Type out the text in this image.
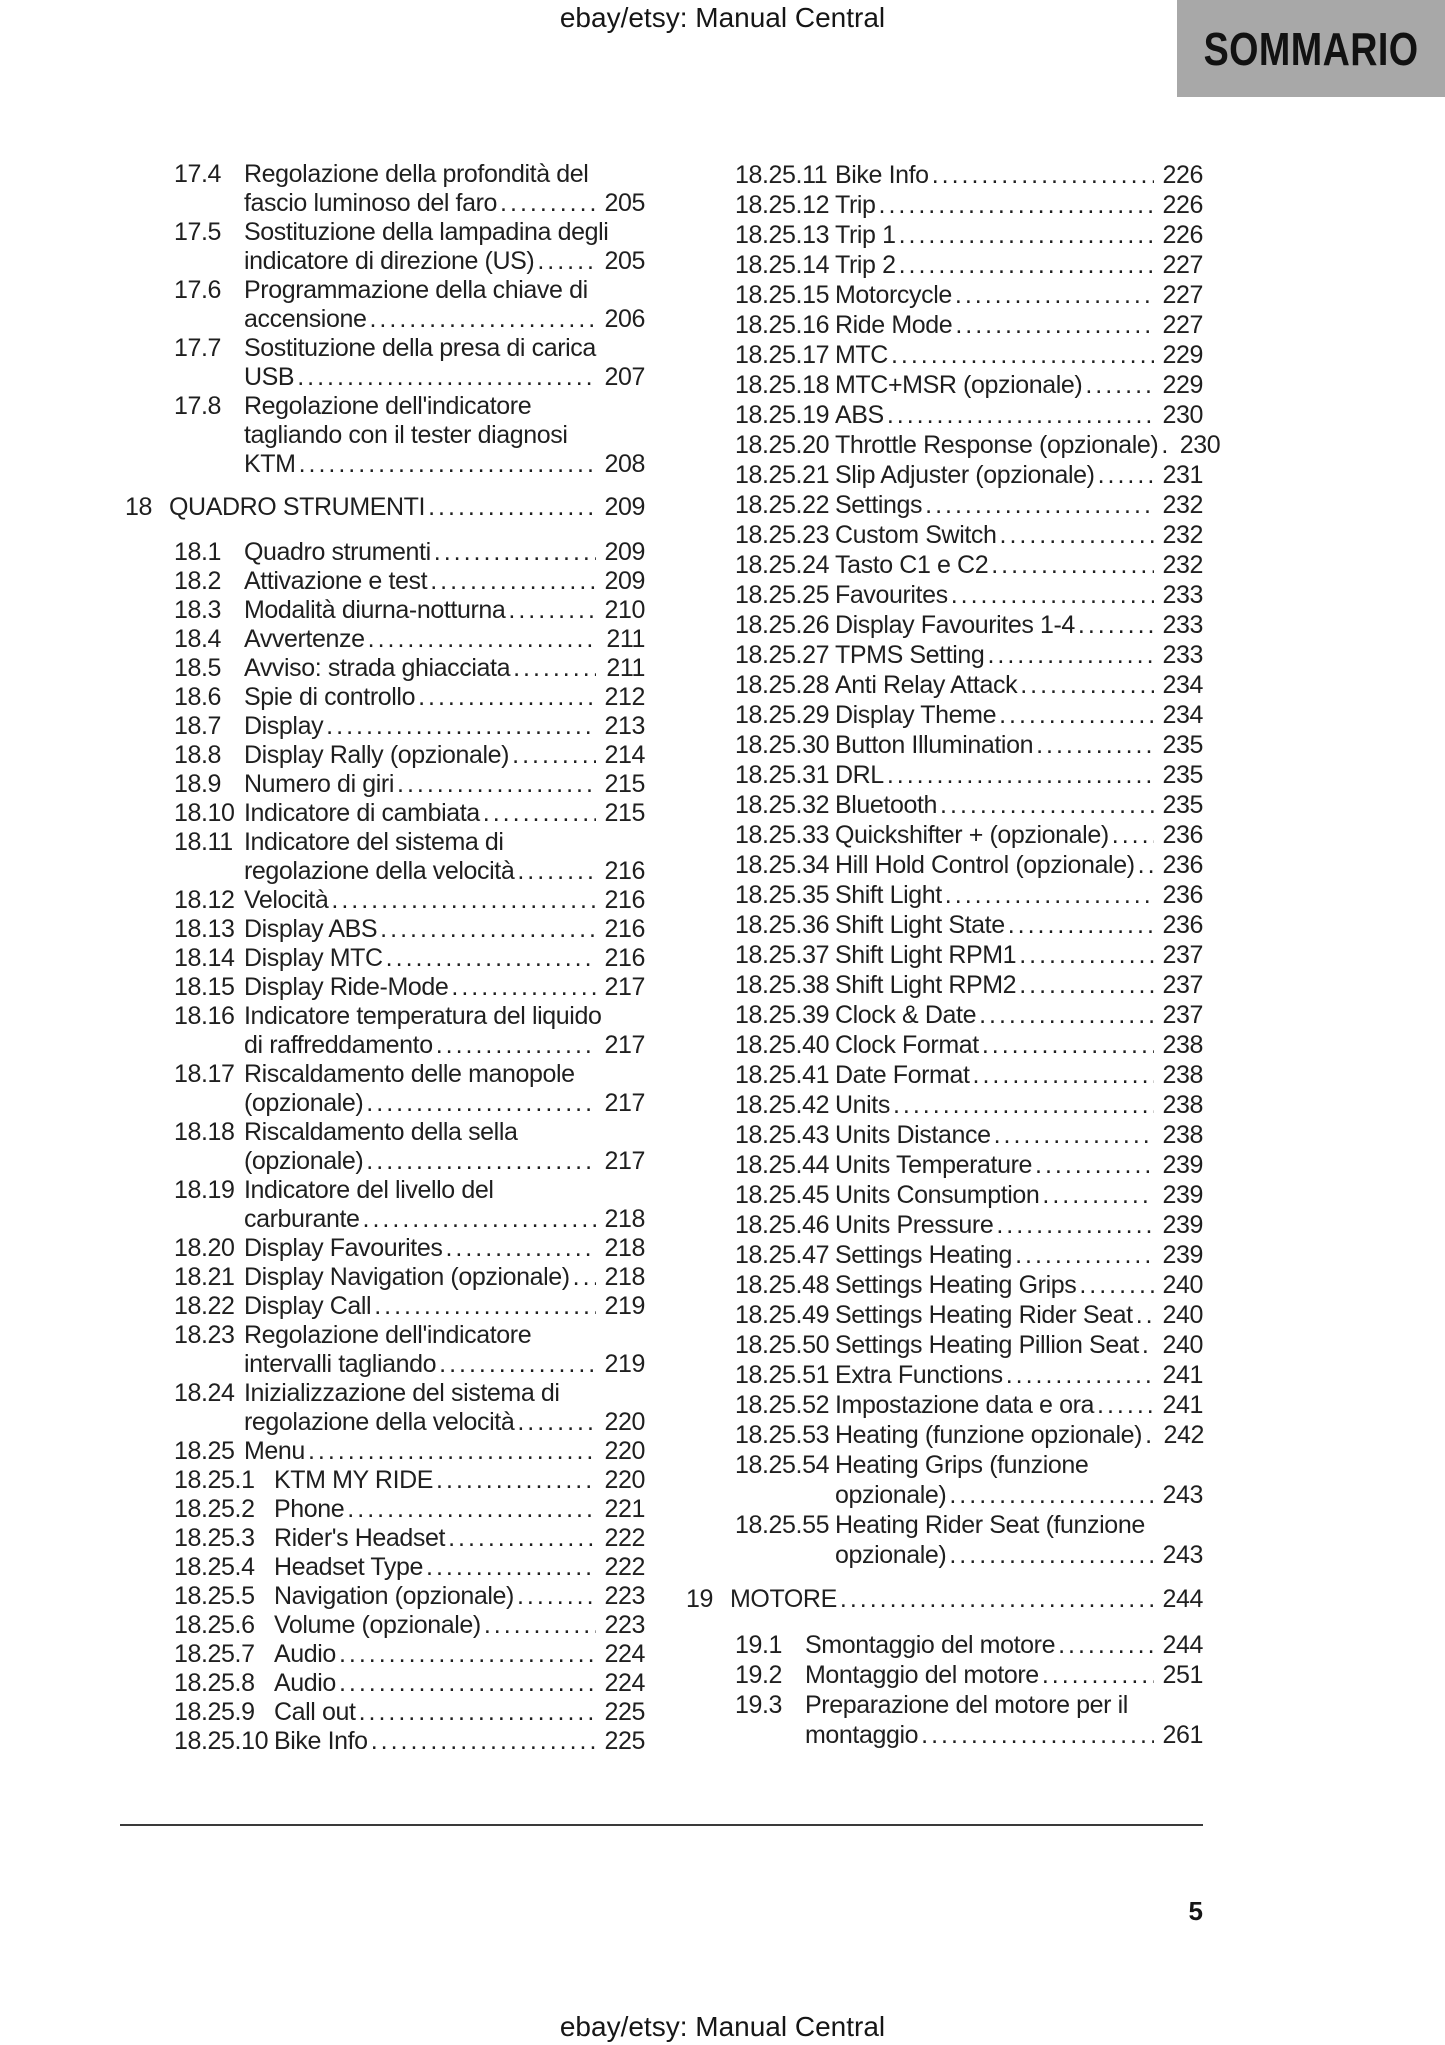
ebay/etsy: Manual Central
SOMMARIO
17.4 Regolazione della profondità del
fascio luminoso del faro .....	205
17.5 Sostituzione della lampadina degli
indicatore di direzione (US) .....	205
17.6 Programmazione della chiave di
accensione .....	206
17.7 Sostituzione della presa di carica
USB .....	207
17.8 Regolazione dell'indicatore
tagliando con il tester diagnosi
KTM .....	208
18 QUADRO STRUMENTI .....	209
18.1 Quadro strumenti .....	209
18.2 Attivazione e test .....	209
18.3 Modalità diurna-notturna .....	210
18.4 Avvertenze .....	211
18.5 Avviso: strada ghiacciata .....	211
18.6 Spie di controllo .....	212
18.7 Display .....	213
18.8 Display Rally (opzionale) .....	214
18.9 Numero di giri .....	215
18.10 Indicatore di cambiata .....	215
18.11 Indicatore del sistema di
regolazione della velocità .....	216
18.12 Velocità .....	216
18.13 Display ABS .....	216
18.14 Display MTC .....	216
18.15 Display Ride-Mode .....	217
18.16 Indicatore temperatura del liquido
di raffreddamento .....	217
18.17 Riscaldamento delle manopole
(opzionale) .....	217
18.18 Riscaldamento della sella
(opzionale) .....	217
18.19 Indicatore del livello del
carburante .....	218
18.20 Display Favourites .....	218
18.21 Display Navigation (opzionale) ..... 218
18.22 Display Call .....	219
18.23 Regolazione dell'indicatore
intervalli tagliando .....	219
18.24 Inizializzazione del sistema di
regolazione della velocità .....	220
18.25 Menu .....	220
18.25.1 KTM MY RIDE .....	220
18.25.2 Phone .....	221
18.25.3 Rider's Headset .....	222
18.25.4 Headset Type .....	222
18.25.5 Navigation (opzionale) .....	223
18.25.6 Volume (opzionale) .....	223
18.25.7 Audio .....	224
18.25.8 Audio .....	224
18.25.9 Call out .....	225
18.25.10 Bike Info .....	225
18.25.11 Bike Info .....	226
18.25.12 Trip .....	226
18.25.13 Trip 1 .....	226
18.25.14 Trip 2 .....	227
18.25.15 Motorcycle .....	227
18.25.16 Ride Mode .....	227
18.25.17 MTC .....	229
18.25.18 MTC+MSR (opzionale) .....	229
18.25.19 ABS .....	230
18.25.20 Throttle Response (opzionale) ..... 230
18.25.21 Slip Adjuster (opzionale) .....	231
18.25.22 Settings .....	232
18.25.23 Custom Switch .....	232
18.25.24 Tasto C1 e C2 .....	232
18.25.25 Favourites .....	233
18.25.26 Display Favourites 1-4 .....	233
18.25.27 TPMS Setting .....	233
18.25.28 Anti Relay Attack .....	234
18.25.29 Display Theme .....	234
18.25.30 Button Illumination .....	235
18.25.31 DRL .....	235
18.25.32 Bluetooth .....	235
18.25.33 Quickshifter + (opzionale) ..... 236
18.25.34 Hill Hold Control (opzionale) ..... 236
18.25.35 Shift Light .....	236
18.25.36 Shift Light State .....	236
18.25.37 Shift Light RPM1 .....	237
18.25.38 Shift Light RPM2 .....	237
18.25.39 Clock & Date .....	237
18.25.40 Clock Format .....	238
18.25.41 Date Format .....	238
18.25.42 Units .....	238
18.25.43 Units Distance .....	238
18.25.44 Units Temperature .....	239
18.25.45 Units Consumption .....	239
18.25.46 Units Pressure .....	239
18.25.47 Settings Heating .....	239
18.25.48 Settings Heating Grips .....	240
18.25.49 Settings Heating Rider Seat ..... 240
18.25.50 Settings Heating Pillion Seat ..... 240
18.25.51 Extra Functions .....	241
18.25.52 Impostazione data e ora .....	241
18.25.53 Heating (funzione opzionale) ..... 242
18.25.54 Heating Grips (funzione
opzionale) .....	243
18.25.55 Heating Rider Seat (funzione
opzionale) .....	243
19 MOTORE .....	244
19.1 Smontaggio del motore .....	244
19.2 Montaggio del motore .....	251
19.3 Preparazione del motore per il
montaggio .....	261
5
ebay/etsy: Manual Central
